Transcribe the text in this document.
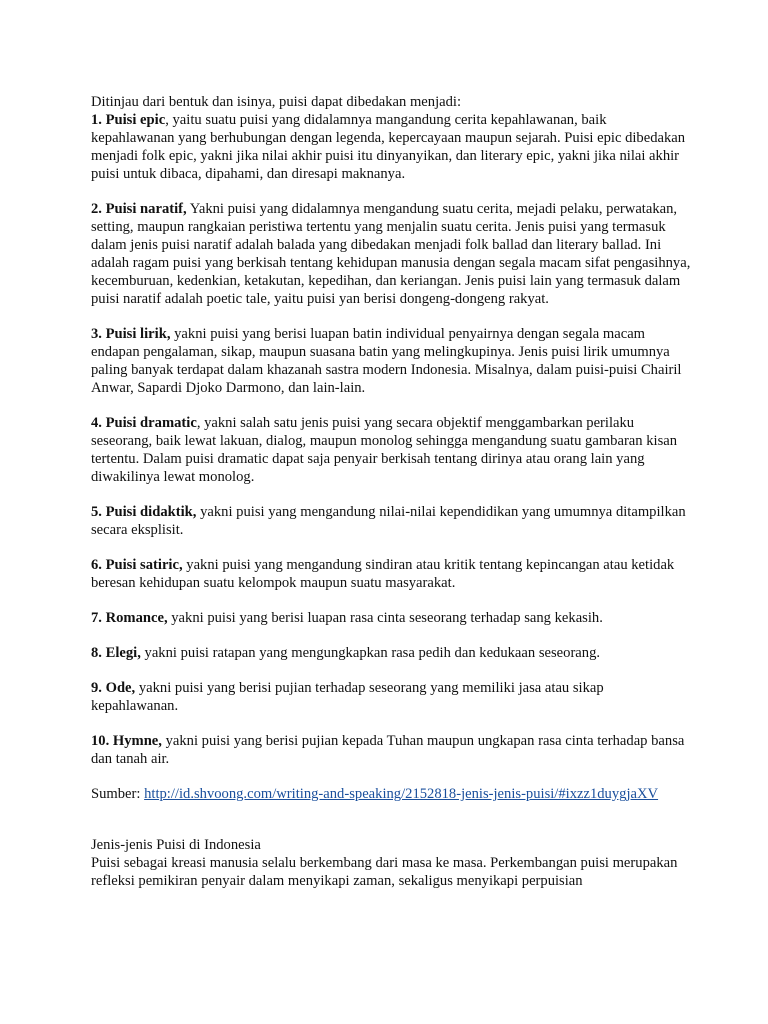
Ditinjau dari bentuk dan isinya, puisi dapat dibedakan menjadi:

1. Puisi epic, yaitu suatu puisi yang didalamnya mangandung cerita kepahlawanan, baik kepahlawanan yang berhubungan dengan legenda, kepercayaan maupun sejarah. Puisi epic dibedakan menjadi folk epic, yakni jika nilai akhir puisi itu dinyanyikan, dan literary epic, yakni jika nilai akhir puisi untuk dibaca, dipahami, dan diresapi maknanya.

2. Puisi naratif, Yakni puisi yang didalamnya mengandung suatu cerita, mejadi pelaku, perwatakan, setting, maupun rangkaian peristiwa tertentu yang menjalin suatu cerita. Jenis puisi yang termasuk dalam jenis puisi naratif adalah balada yang dibedakan menjadi folk ballad dan literary ballad. Ini adalah ragam puisi yang berkisah tentang kehidupan manusia dengan segala macam sifat pengasihnya, kecemburuan, kedenkian, ketakutan, kepedihan, dan keriangan. Jenis puisi lain yang termasuk dalam puisi naratif adalah poetic tale, yaitu puisi yan berisi dongeng-dongeng rakyat.

3. Puisi lirik, yakni puisi yang berisi luapan batin individual penyairnya dengan segala macam endapan pengalaman, sikap, maupun suasana batin yang melingkupinya. Jenis puisi lirik umumnya paling banyak terdapat dalam khazanah sastra modern Indonesia. Misalnya, dalam puisi-puisi Chairil Anwar, Sapardi Djoko Darmono, dan lain-lain.

4. Puisi dramatic, yakni salah satu jenis puisi yang secara objektif menggambarkan perilaku seseorang, baik lewat lakuan, dialog, maupun monolog sehingga mengandung suatu gambaran kisan tertentu. Dalam puisi dramatic dapat saja penyair berkisah tentang dirinya atau orang lain yang diwakilinya lewat monolog.

5. Puisi didaktik, yakni puisi yang mengandung nilai-nilai kependidikan yang umumnya ditampilkan secara eksplisit.

6. Puisi satiric, yakni puisi yang mengandung sindiran atau kritik tentang kepincangan atau ketidak beresan kehidupan suatu kelompok maupun suatu masyarakat.

7. Romance, yakni puisi yang berisi luapan rasa cinta seseorang terhadap sang kekasih.

8. Elegi, yakni puisi ratapan yang mengungkapkan rasa pedih dan kedukaan seseorang.

9. Ode, yakni puisi yang berisi pujian terhadap seseorang yang memiliki jasa atau sikap kepahlawanan.

10. Hymne, yakni puisi yang berisi pujian kepada Tuhan maupun ungkapan rasa cinta terhadap bansa dan tanah air.

Sumber: http://id.shvoong.com/writing-and-speaking/2152818-jenis-jenis-puisi/#ixzz1duygjaXV

Jenis-jenis Puisi di Indonesia

Puisi sebagai kreasi manusia selalu berkembang dari masa ke masa. Perkembangan puisi merupakan refleksi pemikiran penyair dalam menyikapi zaman, sekaligus menyikapi perpuisian
